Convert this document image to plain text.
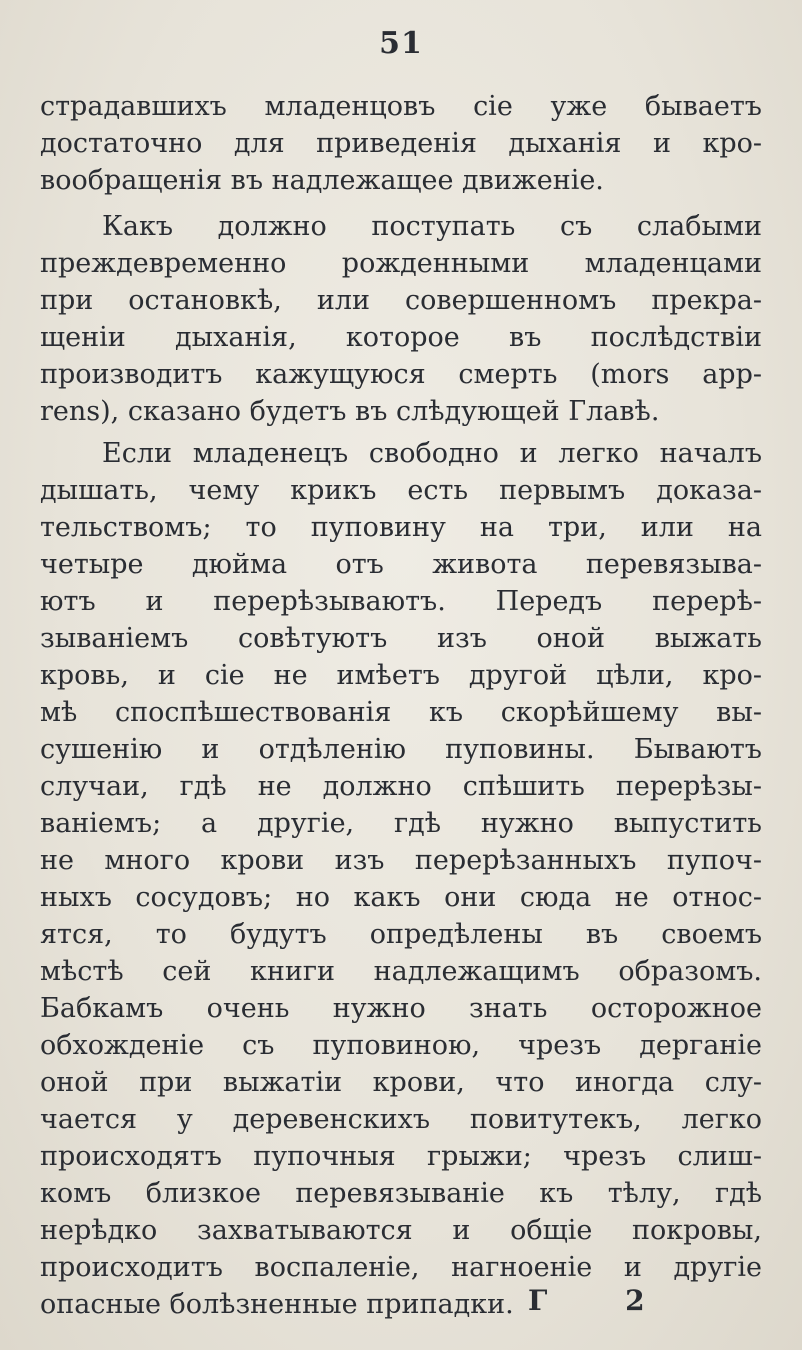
51
страдавшихъ младенцовъ сіе уже бываетъ
достаточно для приведенія дыханія и кро-
вообращенія въ надлежащее движеніе.
Какъ должно поступать съ слабыми
преждевременно рожденными младенцами
при остановкѣ, или совершенномъ прекра-
щеніи дыханія, которое въ послѣдствіи
производитъ кажущуюся смерть (mors app-
rens), сказано будетъ въ слѣдующей Главѣ.
Если младенецъ свободно и легко началъ
дышать, чему крикъ есть первымъ доказа-
тельствомъ; то пуповину на три, или на
четыре дюйма отъ живота перевязыва-
ютъ и перерѣзываютъ. Передъ перерѣ-
зываніемъ совѣтуютъ изъ оной выжать
кровь, и сіе не имѣетъ другой цѣли, кро-
мѣ споспѣшествованія къ скорѣйшему вы-
сушенію и отдѣленію пуповины. Бываютъ
случаи, гдѣ не должно спѣшить перерѣзы-
ваніемъ; а другіе, гдѣ нужно выпустить
не много крови изъ перерѣзанныхъ пупоч-
ныхъ сосудовъ; но какъ они сюда не относ-
ятся, то будутъ опредѣлены въ своемъ
мѣстѣ сей книги надлежащимъ образомъ.
Бабкамъ очень нужно знать осторожное
обхожденіе съ пуповиною, чрезъ дерганіе
оной при выжатіи крови, что иногда слу-
чается у деревенскихъ повитутекъ, легко
происходятъ пупочныя грыжи; чрезъ слиш-
комъ близкое перевязываніе къ тѣлу, гдѣ
нерѣдко захватываются и общіе покровы,
происходитъ воспаленіе, нагноеніе и другіе
опасные болѣзненные припадки. Г 2
